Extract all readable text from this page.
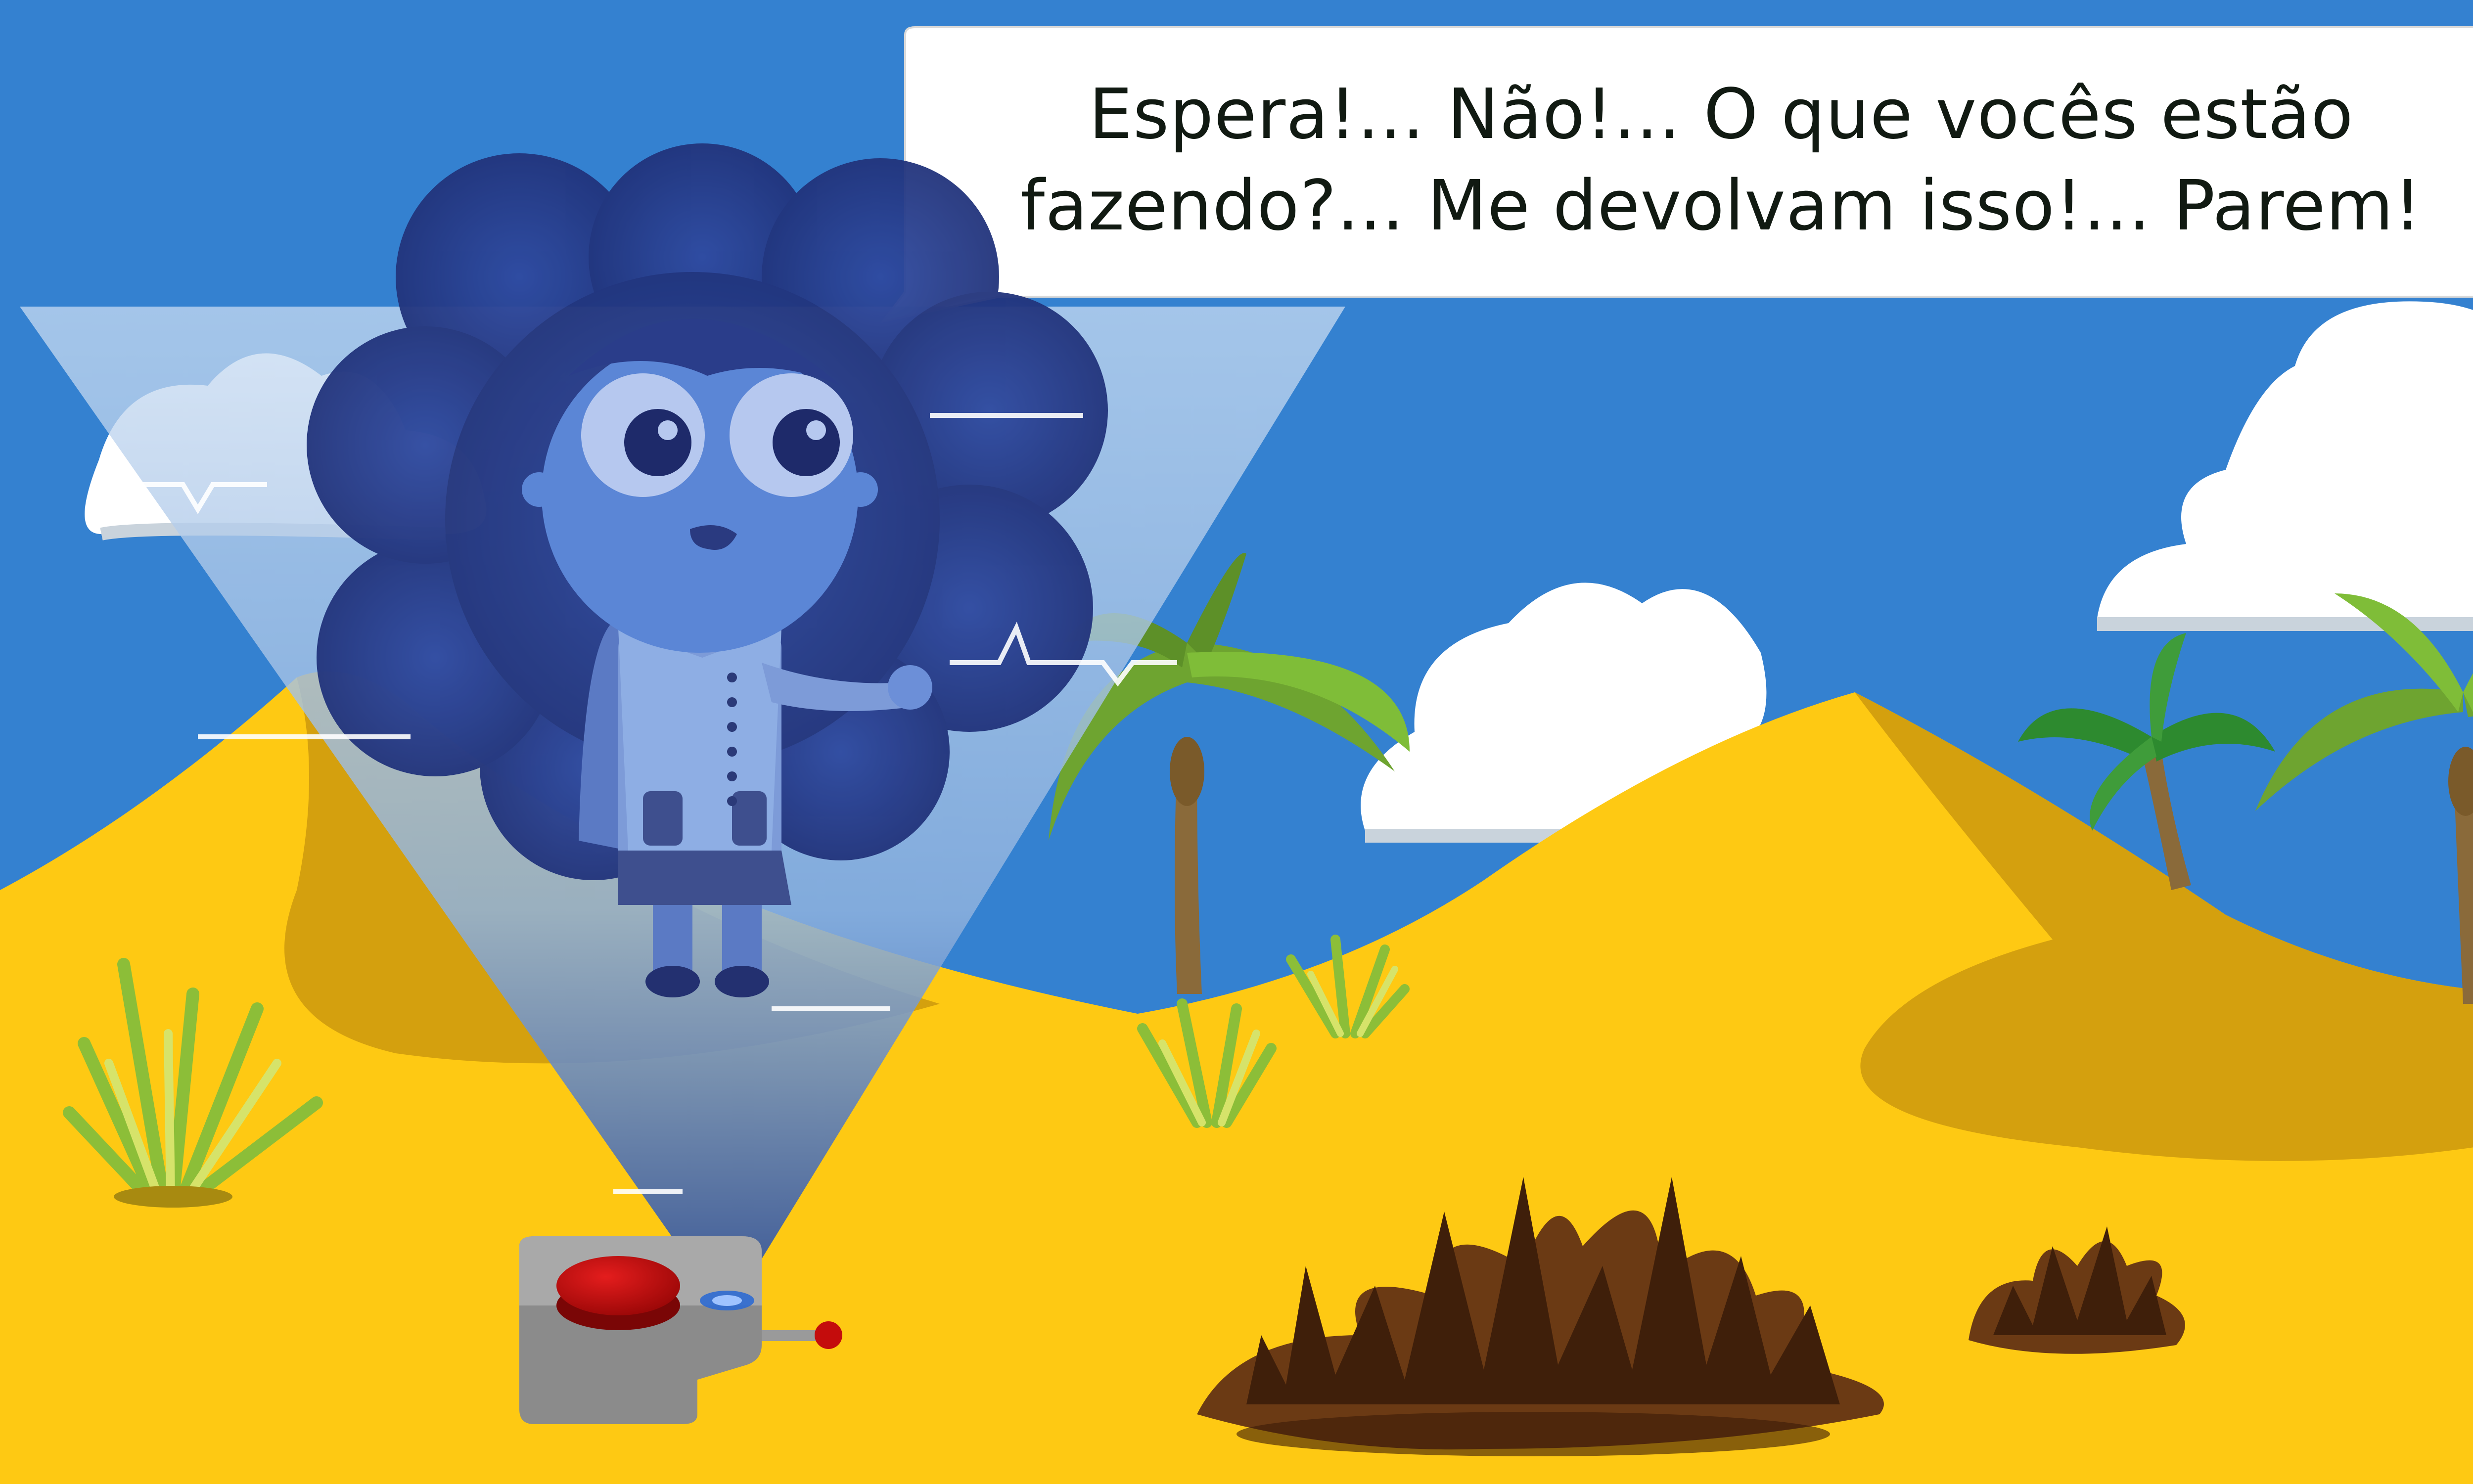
Espera!... Não!... O que vocês estão
fazendo?... Me devolvam isso!... Parem!
